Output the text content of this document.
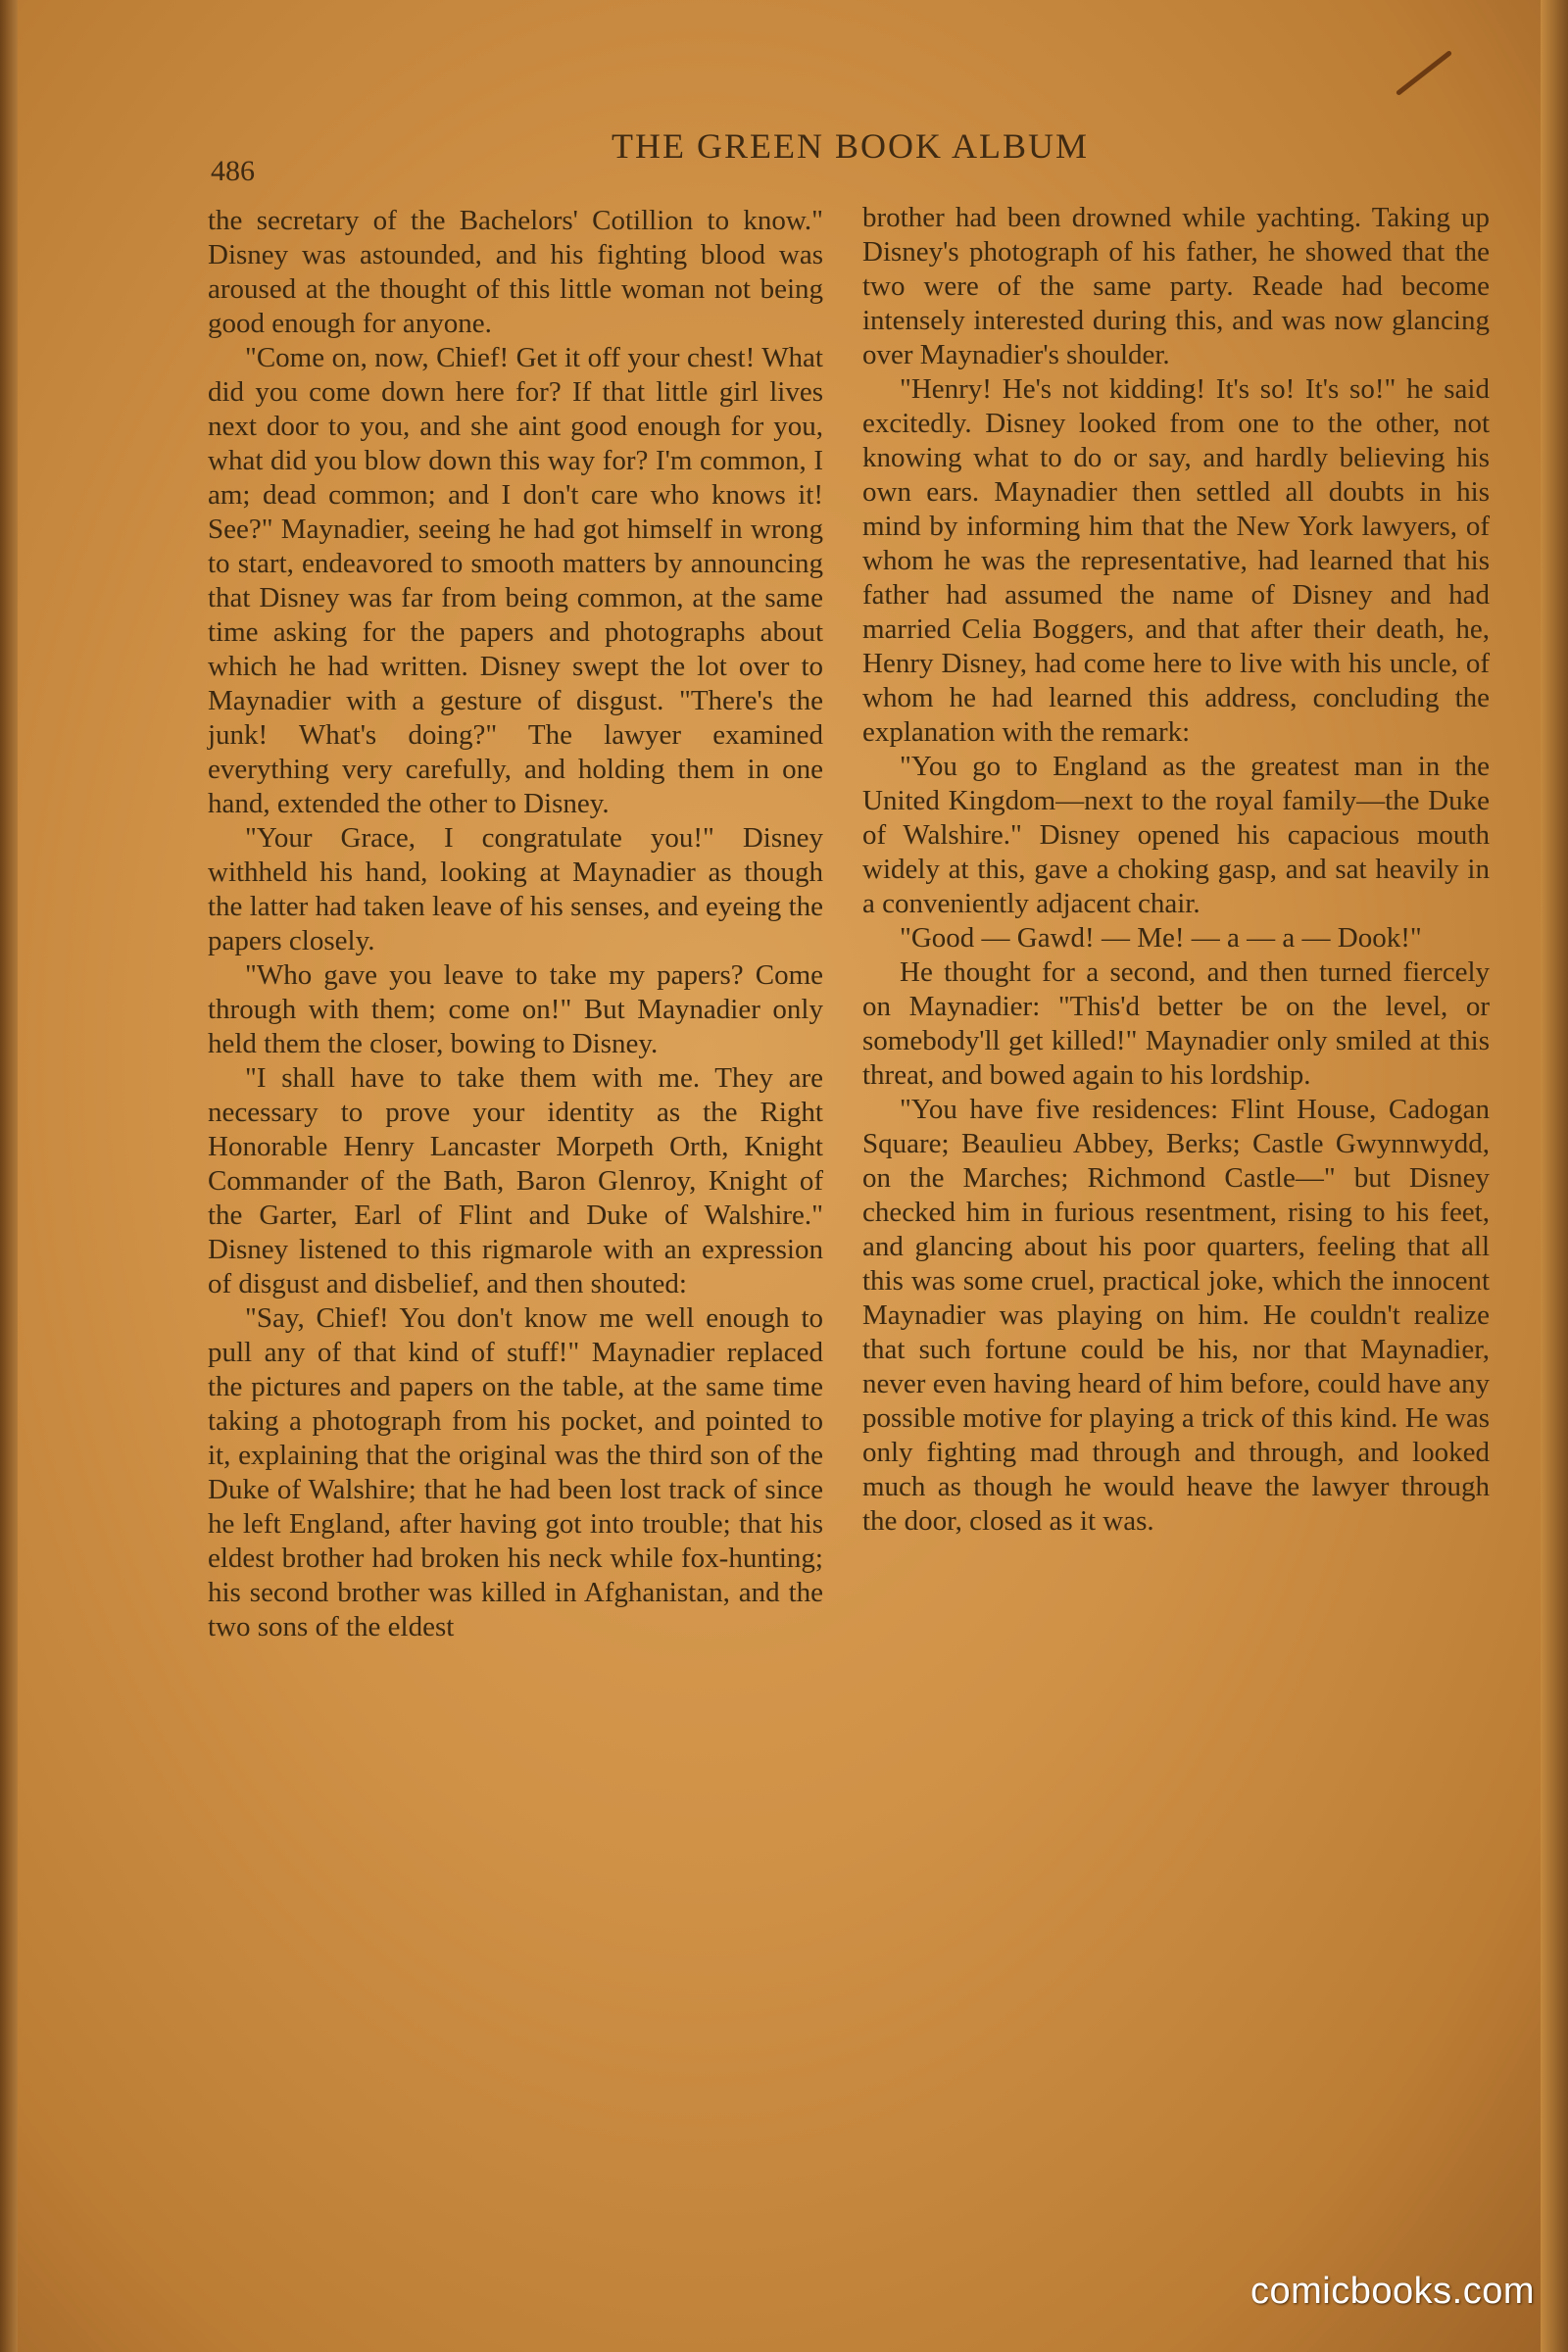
486
THE GREEN BOOK ALBUM

the secretary of the Bachelors' Cotillion to know." Disney was astounded, and his fighting blood was aroused at the thought of this little woman not being good enough for anyone.

"Come on, now, Chief! Get it off your chest! What did you come down here for? If that little girl lives next door to you, and she aint good enough for you, what did you blow down this way for? I'm common, I am; dead common; and I don't care who knows it! See?" Maynadier, seeing he had got himself in wrong to start, endeavored to smooth matters by announcing that Disney was far from being common, at the same time asking for the papers and photographs about which he had written. Disney swept the lot over to Maynadier with a gesture of disgust. "There's the junk! What's doing?" The lawyer examined everything very carefully, and holding them in one hand, extended the other to Disney.

"Your Grace, I congratulate you!" Disney withheld his hand, looking at Maynadier as though the latter had taken leave of his senses, and eyeing the papers closely.

"Who gave you leave to take my papers? Come through with them; come on!" But Maynadier only held them the closer, bowing to Disney.

"I shall have to take them with me. They are necessary to prove your identity as the Right Honorable Henry Lancaster Morpeth Orth, Knight Commander of the Bath, Baron Glenroy, Knight of the Garter, Earl of Flint and Duke of Walshire." Disney listened to this rigmarole with an expression of disgust and disbelief, and then shouted:

"Say, Chief! You don't know me well enough to pull any of that kind of stuff!" Maynadier replaced the pictures and papers on the table, at the same time taking a photograph from his pocket, and pointed to it, explaining that the original was the third son of the Duke of Walshire; that he had been lost track of since he left England, after having got into trouble; that his eldest brother had broken his neck while fox-hunting; his second brother was killed in Afghanistan, and the two sons of the eldest

brother had been drowned while yachting. Taking up Disney's photograph of his father, he showed that the two were of the same party. Reade had become intensely interested during this, and was now glancing over Maynadier's shoulder.

"Henry! He's not kidding! It's so! It's so!" he said excitedly. Disney looked from one to the other, not knowing what to do or say, and hardly believing his own ears. Maynadier then settled all doubts in his mind by informing him that the New York lawyers, of whom he was the representative, had learned that his father had assumed the name of Disney and had married Celia Boggers, and that after their death, he, Henry Disney, had come here to live with his uncle, of whom he had learned this address, concluding the explanation with the remark:

"You go to England as the greatest man in the United Kingdom—next to the royal family—the Duke of Walshire." Disney opened his capacious mouth widely at this, gave a choking gasp, and sat heavily in a conveniently adjacent chair.

"Good — Gawd! — Me! — a — a — Dook!"

He thought for a second, and then turned fiercely on Maynadier: "This'd better be on the level, or somebody'll get killed!" Maynadier only smiled at this threat, and bowed again to his lordship.

"You have five residences: Flint House, Cadogan Square; Beaulieu Abbey, Berks; Castle Gwynnwydd, on the Marches; Richmond Castle—" but Disney checked him in furious resentment, rising to his feet, and glancing about his poor quarters, feeling that all this was some cruel, practical joke, which the innocent Maynadier was playing on him. He couldn't realize that such fortune could be his, nor that Maynadier, never even having heard of him before, could have any possible motive for playing a trick of this kind. He was only fighting mad through and through, and looked much as though he would heave the lawyer through the door, closed as it was.

comicbooks.com
